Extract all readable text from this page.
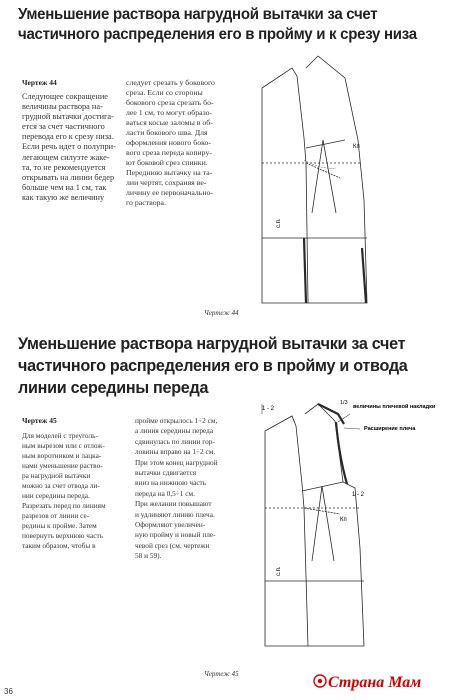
Уменьшение раствора нагрудной вытачки за счет частичного распределения его в пройму и к срезу низа
Чертеж 44

Следующее сокращение
величины раствора на-
грудной вытачки достига-
ется за счет частичного
перевода его к срезу низа.
Если речь идет о полупри-
легающем силуэте жаке-
та, то не рекомендуется
открывать на линии бедер
больше чем на 1 см, так
как такую же величину

следует срезать у бокового
среза. Если со стороны
бокового среза срезать бо-
лее 1 см, то могут образо-
ваться косые заломы в об-
ласти бокового шва. Для
оформления нового боко-
вого среза переда копиру-
ют боковой срез спинки.
Переднюю вытачку на та-
лии чертят, сохраняя ве-
личину ее первоначально-
го раствора.

Кп
с.п.
Чертеж 44
Уменьшение раствора нагрудной вытачки за счет частичного распределения его в пройму и отвода линии середины переда
Чертеж 45

Для моделей с треуголь-
ным вырезом или с отлож-
ным воротником и лацка-
нами уменьшение раство-
ра нагрудной вытачки
можно за счет отвода ли-
нии середины переда.
Разрезать перед по линиям
разрезов от линии се-
редины к пройме. Затем
повернуть верхнюю часть
таким образом, чтобы в

пройме открылось 1÷2 см,
а линия середины переда
сдвинулась по линии гор-
ловины вправо на 1÷2 см.
При этом конец нагрудной
вытачки сдвигается
вниз на нижнюю часть
переда на 0,5÷1 см.
При желании повышают
и удлиняют линию плеча.
Оформляют увеличен-
ную пройму и новый пле-
чевой срез (см. чертежи
58 и 59).

1 - 2
1/3
величины плечевой накладки
Расширение плеча
1 - 2
Кп
с.п.
Чертеж 45
36
Страна Мам
